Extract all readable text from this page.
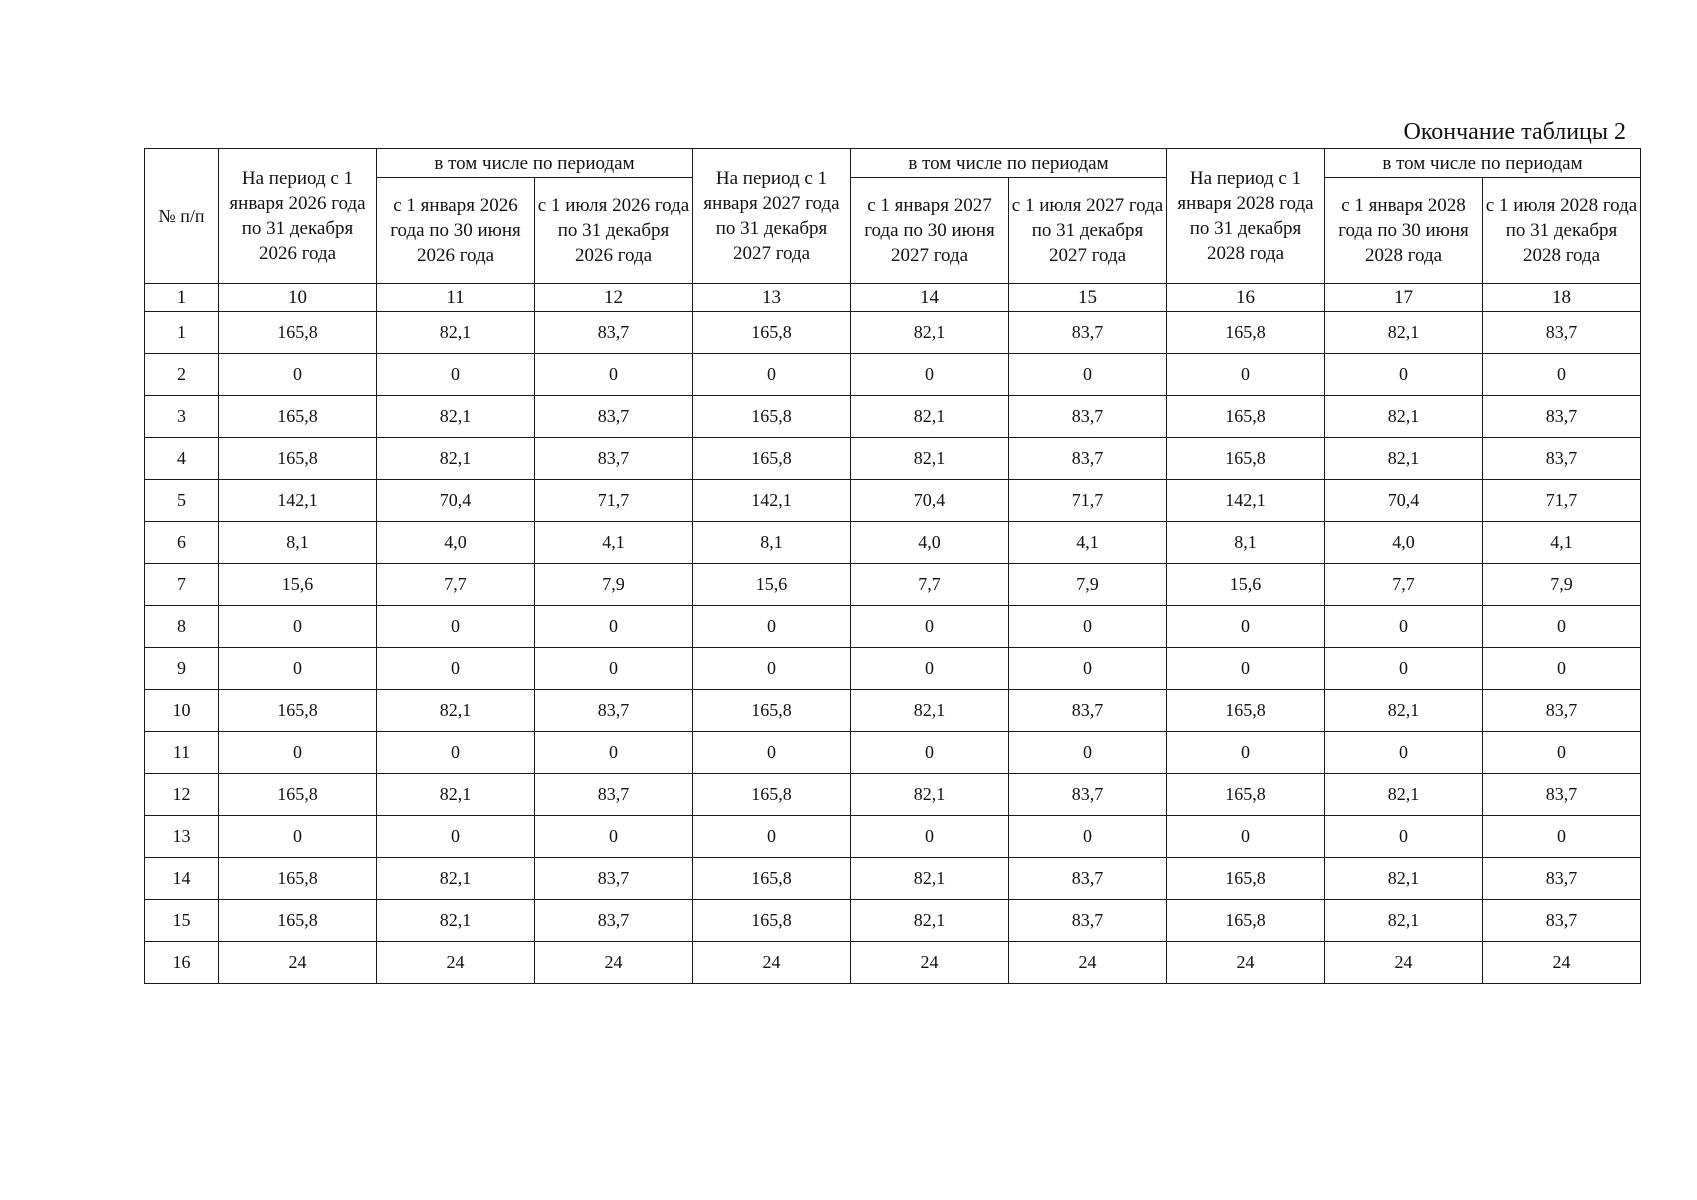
Окончание таблицы 2
№ п/п	На период с 1 января 2026 года по 31 декабря 2026 года	в том числе по периодам		На период с 1 января 2027 года по 31 декабря 2027 года	в том числе по периодам		На период с 1 января 2028 года по 31 декабря 2028 года	в том числе по периодам	
		с 1 января 2026 года по 30 июня 2026 года	с 1 июля 2026 года по 31 декабря 2026 года		с 1 января 2027 года по 30 июня 2027 года	с 1 июля 2027 года по 31 декабря 2027 года		с 1 января 2028 года по 30 июня 2028 года	с 1 июля 2028 года по 31 декабря 2028 года
1	10	11	12	13	14	15	16	17	18
1	165,8	82,1	83,7	165,8	82,1	83,7	165,8	82,1	83,7
2	0	0	0	0	0	0	0	0	0
3	165,8	82,1	83,7	165,8	82,1	83,7	165,8	82,1	83,7
4	165,8	82,1	83,7	165,8	82,1	83,7	165,8	82,1	83,7
5	142,1	70,4	71,7	142,1	70,4	71,7	142,1	70,4	71,7
6	8,1	4,0	4,1	8,1	4,0	4,1	8,1	4,0	4,1
7	15,6	7,7	7,9	15,6	7,7	7,9	15,6	7,7	7,9
8	0	0	0	0	0	0	0	0	0
9	0	0	0	0	0	0	0	0	0
10	165,8	82,1	83,7	165,8	82,1	83,7	165,8	82,1	83,7
11	0	0	0	0	0	0	0	0	0
12	165,8	82,1	83,7	165,8	82,1	83,7	165,8	82,1	83,7
13	0	0	0	0	0	0	0	0	0
14	165,8	82,1	83,7	165,8	82,1	83,7	165,8	82,1	83,7
15	165,8	82,1	83,7	165,8	82,1	83,7	165,8	82,1	83,7
16	24	24	24	24	24	24	24	24	24
